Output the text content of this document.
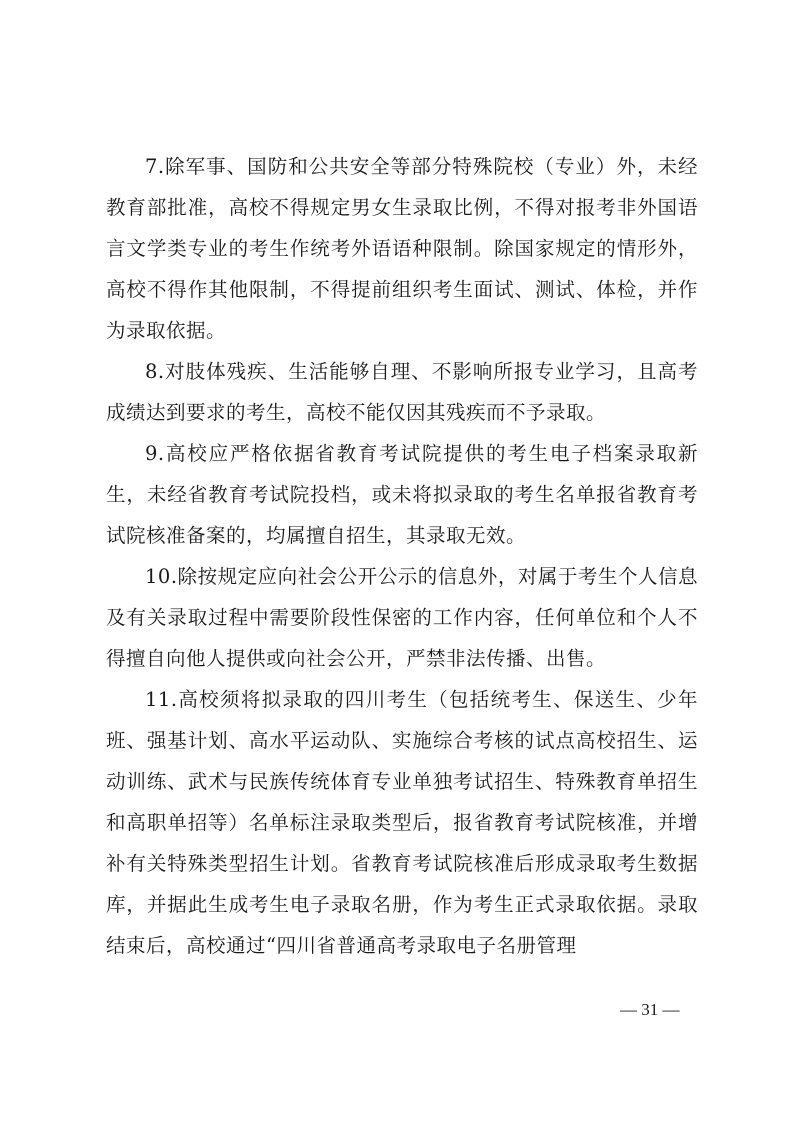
7.除军事、国防和公共安全等部分特殊院校（专业）外，未经教育部批准，高校不得规定男女生录取比例，不得对报考非外国语言文学类专业的考生作统考外语语种限制。除国家规定的情形外，高校不得作其他限制，不得提前组织考生面试、测试、体检，并作为录取依据。

8.对肢体残疾、生活能够自理、不影响所报专业学习，且高考成绩达到要求的考生，高校不能仅因其残疾而不予录取。

9.高校应严格依据省教育考试院提供的考生电子档案录取新生，未经省教育考试院投档，或未将拟录取的考生名单报省教育考试院核准备案的，均属擅自招生，其录取无效。

10.除按规定应向社会公开公示的信息外，对属于考生个人信息及有关录取过程中需要阶段性保密的工作内容，任何单位和个人不得擅自向他人提供或向社会公开，严禁非法传播、出售。

11.高校须将拟录取的四川考生（包括统考生、保送生、少年班、强基计划、高水平运动队、实施综合考核的试点高校招生、运动训练、武术与民族传统体育专业单独考试招生、特殊教育单招生和高职单招等）名单标注录取类型后，报省教育考试院核准，并增补有关特殊类型招生计划。省教育考试院核准后形成录取考生数据库，并据此生成考生电子录取名册，作为考生正式录取依据。录取结束后，高校通过“四川省普通高考录取电子名册管理

— 31 —
